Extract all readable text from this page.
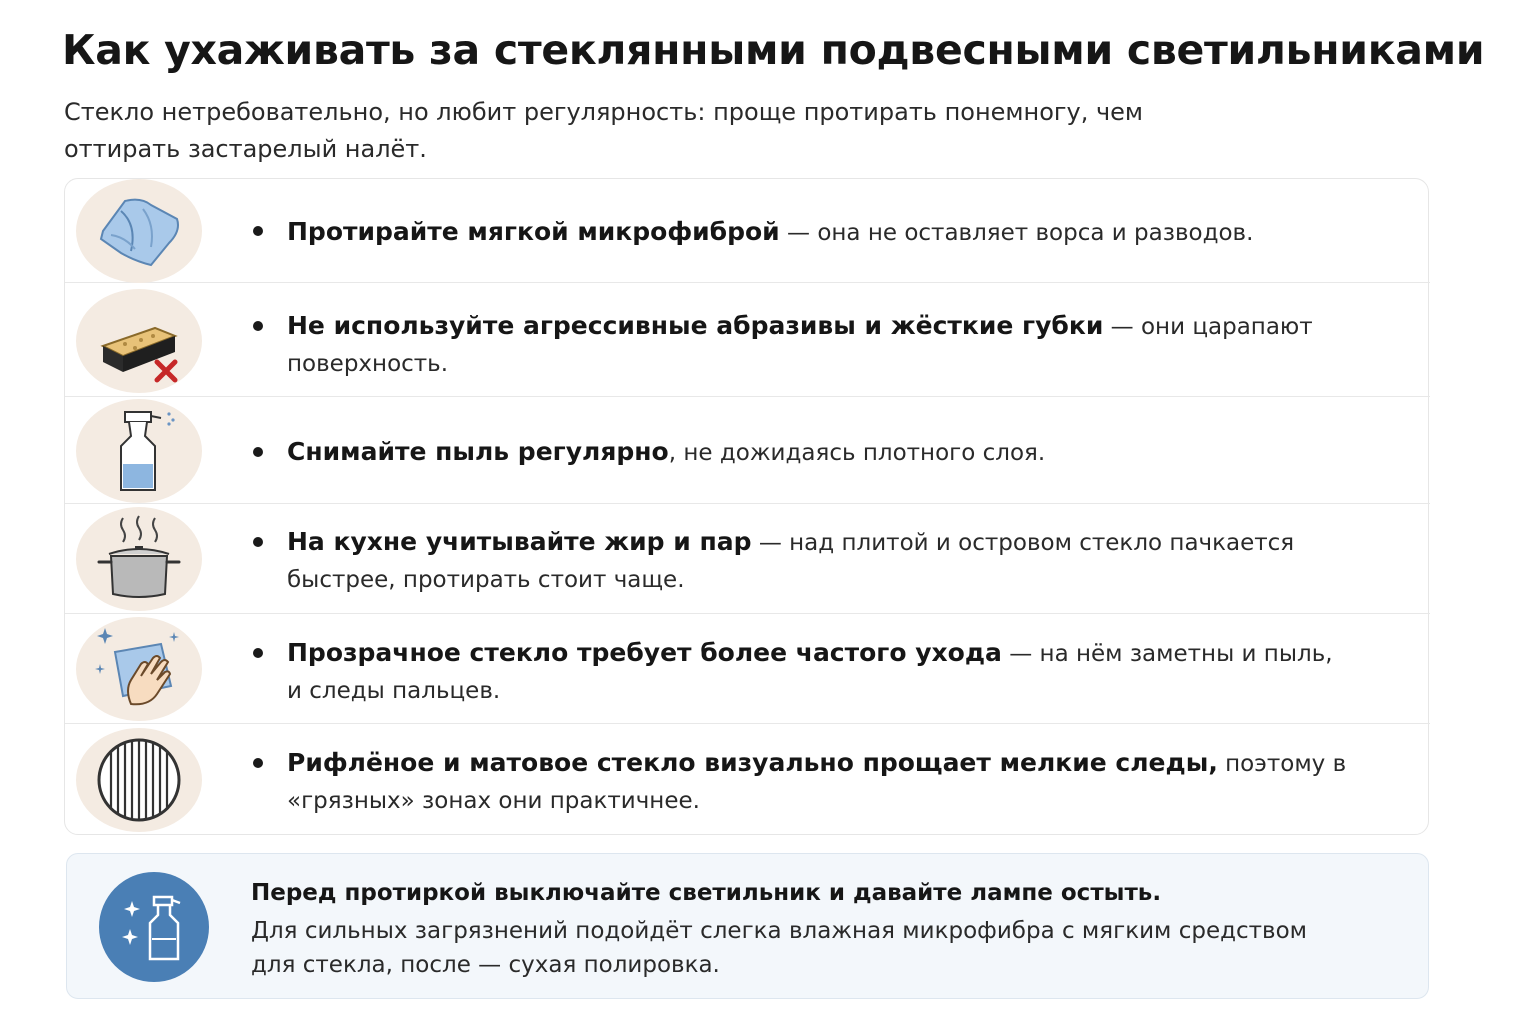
Как ухаживать за стеклянными подвесными светильниками

Стекло нетребовательно, но любит регулярность: проще протирать понемногу, чем оттирать застарелый налёт.

Протирайте мягкой микрофиброй — она не оставляет ворса и разводов.
Не используйте агрессивные абразивы и жёсткие губки — они царапают поверхность.
Снимайте пыль регулярно, не дожидаясь плотного слоя.
На кухне учитывайте жир и пар — над плитой и островом стекло пачкается быстрее, протирать стоит чаще.
Прозрачное стекло требует более частого ухода — на нём заметны и пыль, и следы пальцев.
Рифлёное и матовое стекло визуально прощает мелкие следы, поэтому в «грязных» зонах они практичнее.
Перед протиркой выключайте светильник и давайте лампе остыть.
Для сильных загрязнений подойдёт слегка влажная микрофибра с мягким средством для стекла, после — сухая полировка.
